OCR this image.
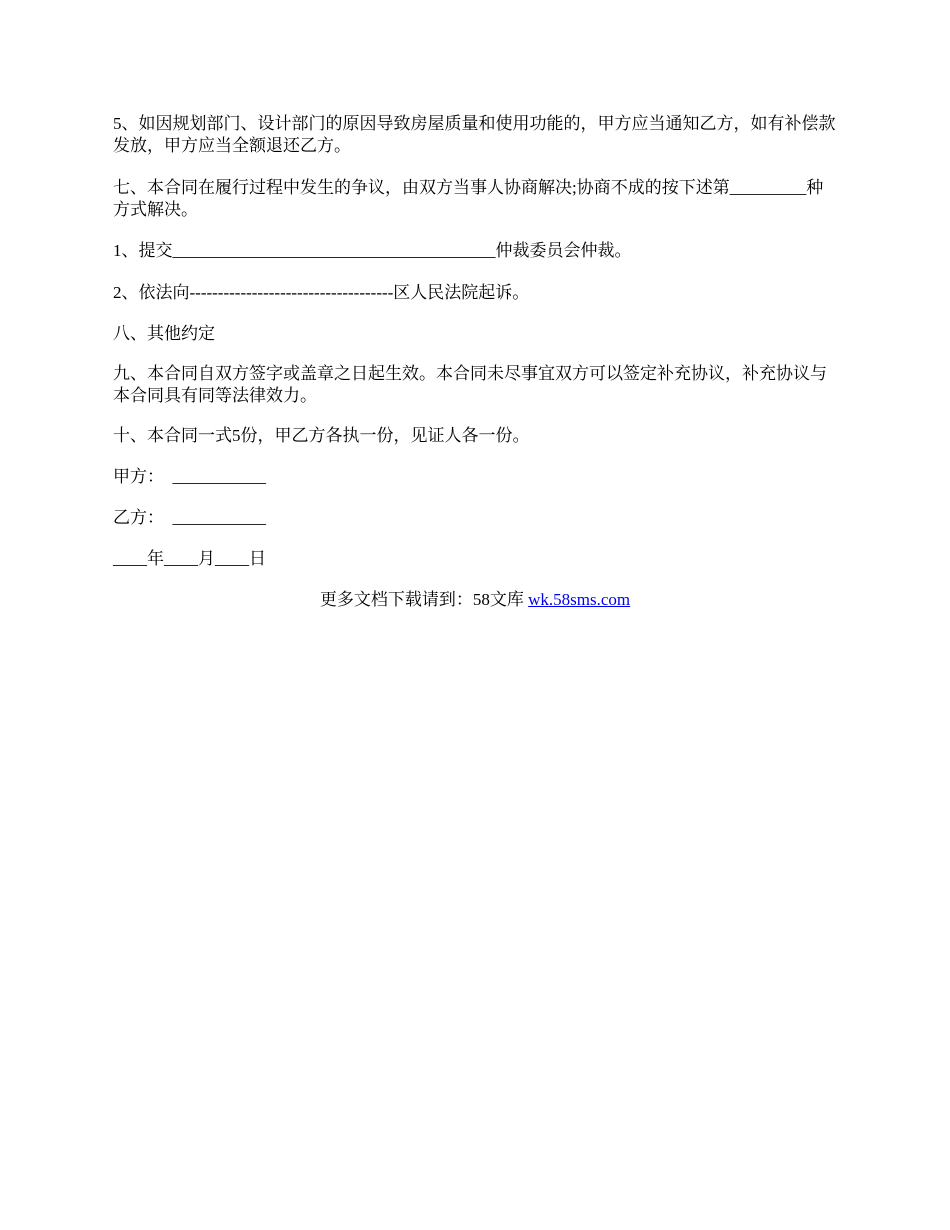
5、如因规划部门、设计部门的原因导致房屋质量和使用功能的，甲方应当通知乙方，如有补偿款发放，甲方应当全额退还乙方。
七、本合同在履行过程中发生的争议，由双方当事人协商解决;协商不成的按下述第_________种方式解决。
1、提交______________________________________仲裁委员会仲裁。
2、依法向------------------------------------区人民法院起诉。
八、其他约定
九、本合同自双方签字或盖章之日起生效。本合同未尽事宜双方可以签定补充协议，补充协议与本合同具有同等法律效力。
十、本合同一式5份，甲乙方各执一份，见证人各一份。
甲方：  ___________
乙方：  ___________
____年____月____日
更多文档下载请到：58文库 wk.58sms.com
